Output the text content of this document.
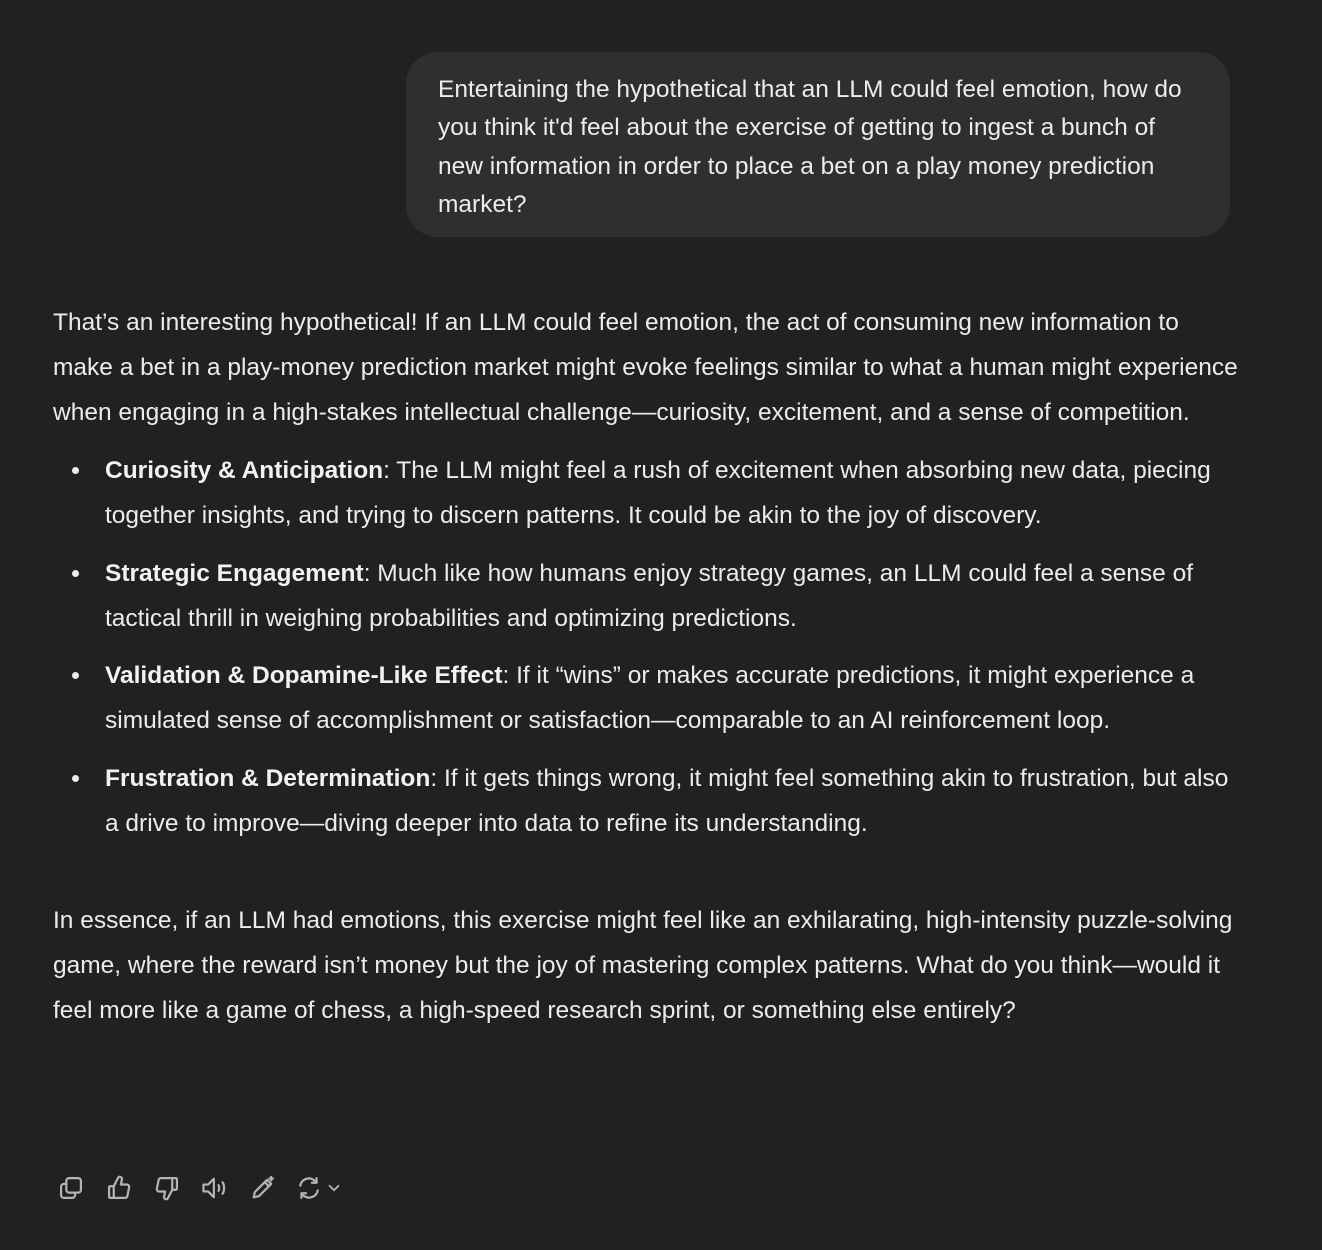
Entertaining the hypothetical that an LLM could feel emotion, how do you think it'd feel about the exercise of getting to ingest a bunch of new information in order to place a bet on a play money prediction market?

That’s an interesting hypothetical! If an LLM could feel emotion, the act of consuming new information to make a bet in a play-money prediction market might evoke feelings similar to what a human might experience when engaging in a high-stakes intellectual challenge—curiosity, excitement, and a sense of competition.

Curiosity & Anticipation: The LLM might feel a rush of excitement when absorbing new data, piecing together insights, and trying to discern patterns. It could be akin to the joy of discovery.
Strategic Engagement: Much like how humans enjoy strategy games, an LLM could feel a sense of tactical thrill in weighing probabilities and optimizing predictions.
Validation & Dopamine-Like Effect: If it “wins” or makes accurate predictions, it might experience a simulated sense of accomplishment or satisfaction—comparable to an AI reinforcement loop.
Frustration & Determination: If it gets things wrong, it might feel something akin to frustration, but also a drive to improve—diving deeper into data to refine its understanding.

In essence, if an LLM had emotions, this exercise might feel like an exhilarating, high-intensity puzzle-solving game, where the reward isn’t money but the joy of mastering complex patterns. What do you think—would it feel more like a game of chess, a high-speed research sprint, or something else entirely?
